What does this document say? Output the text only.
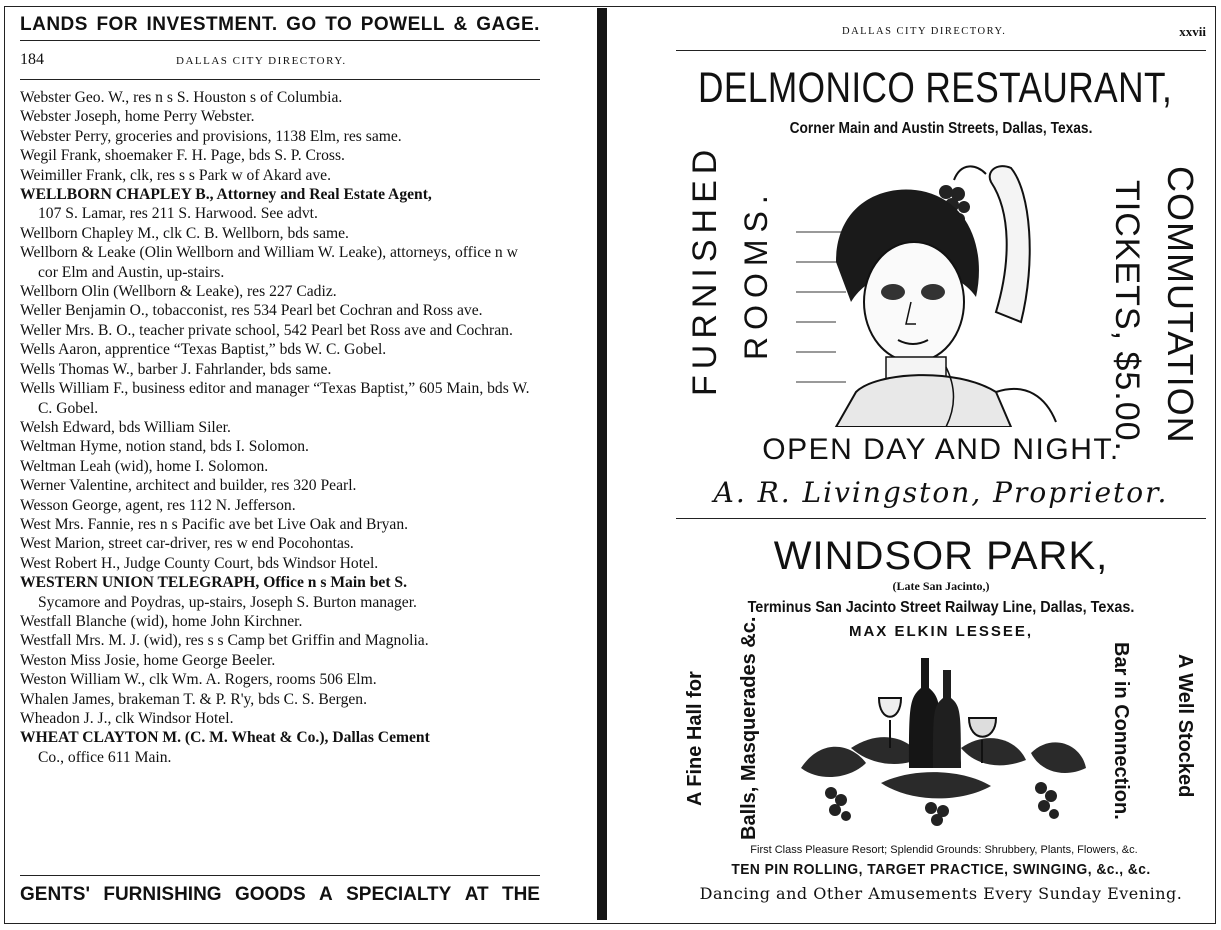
LANDS FOR INVESTMENT. GO TO POWELL & GAGE.
184	DALLAS CITY DIRECTORY.
Webster Geo. W., res n s S. Houston s of Columbia.
Webster Joseph, home Perry Webster.
Webster Perry, groceries and provisions, 1138 Elm, res same.
Wegil Frank, shoemaker F. H. Page, bds S. P. Cross.
Weimiller Frank, clk, res s s Park w of Akard ave.
WELLBORN CHAPLEY B., Attorney and Real Estate Agent,
107 S. Lamar, res 211 S. Harwood. See advt.
Wellborn Chapley M., clk C. B. Wellborn, bds same.
Wellborn & Leake (Olin Wellborn and William W. Leake), attorneys, office n w cor Elm and Austin, up-stairs.
Wellborn Olin (Wellborn & Leake), res 227 Cadiz.
Weller Benjamin O., tobacconist, res 534 Pearl bet Cochran and Ross ave.
Weller Mrs. B. O., teacher private school, 542 Pearl bet Ross ave and Cochran.
Wells Aaron, apprentice “Texas Baptist,” bds W. C. Gobel.
Wells Thomas W., barber J. Fahrlander, bds same.
Wells William F., business editor and manager “Texas Baptist,” 605 Main, bds W. C. Gobel.
Welsh Edward, bds William Siler.
Weltman Hyme, notion stand, bds I. Solomon.
Weltman Leah (wid), home I. Solomon.
Werner Valentine, architect and builder, res 320 Pearl.
Wesson George, agent, res 112 N. Jefferson.
West Mrs. Fannie, res n s Pacific ave bet Live Oak and Bryan.
West Marion, street car-driver, res w end Pocohontas.
West Robert H., Judge County Court, bds Windsor Hotel.
WESTERN UNION TELEGRAPH, Office n s Main bet S.
Sycamore and Poydras, up-stairs, Joseph S. Burton manager.
Westfall Blanche (wid), home John Kirchner.
Westfall Mrs. M. J. (wid), res s s Camp bet Griffin and Magnolia.
Weston Miss Josie, home George Beeler.
Weston William W., clk Wm. A. Rogers, rooms 506 Elm.
Whalen James, brakeman T. & P. R'y, bds C. S. Bergen.
Wheadon J. J., clk Windsor Hotel.
WHEAT CLAYTON M. (C. M. Wheat & Co.), Dallas Cement
Co., office 611 Main.
GENTS' FURNISHING GOODS A SPECIALTY AT THE
DALLAS CITY DIRECTORY.	xxvii
DELMONICO RESTAURANT,
Corner Main and Austin Streets, Dallas, Texas.
FURNISHED ROOMS.	COMMUTATION
TICKETS, $5.00.
OPEN DAY AND NIGHT.
A. R. Livingston, Proprietor.
WINDSOR PARK,
(Late San Jacinto,)
Terminus San Jacinto Street Railway Line, Dallas, Texas.
MAX ELKIN LESSEE,
A Fine Hall for Balls, Masquerades &c.	Bar in Connection. A Well Stocked
First Class Pleasure Resort; Splendid Grounds: Shrubbery, Plants, Flowers, &c.
TEN PIN ROLLING, TARGET PRACTICE, SWINGING, &c., &c.
Dancing and Other Amusements Every Sunday Evening.
